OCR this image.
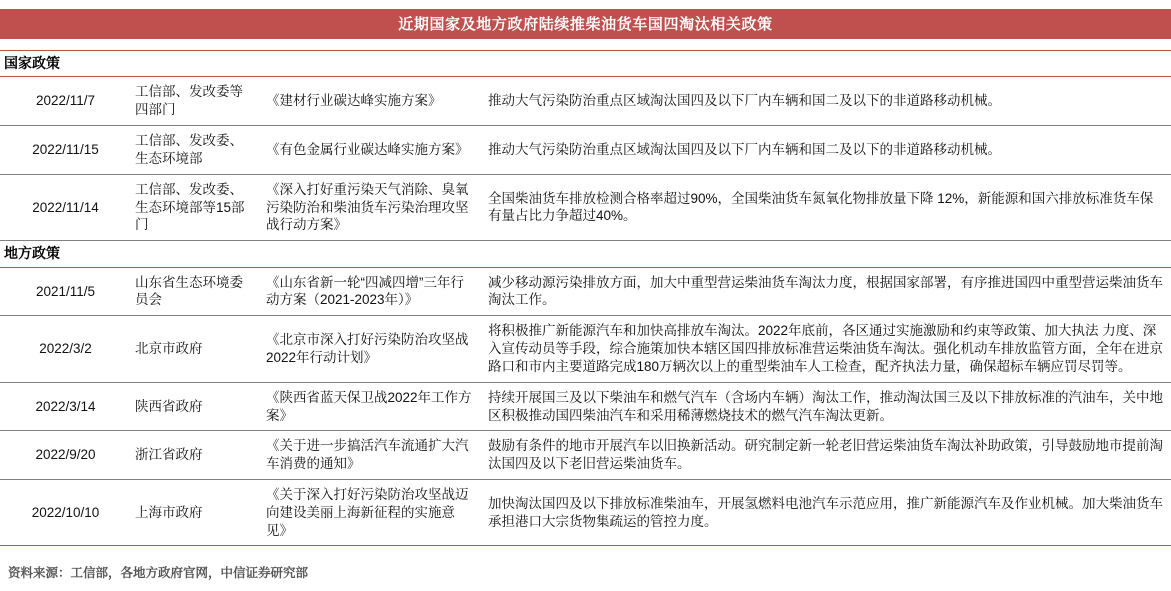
近期国家及地方政府陆续推柴油货车国四淘汰相关政策
国家政策			
2022/11/7	工信部、发改委等四部门	《建材行业碳达峰实施方案》	推动大气污染防治重点区域淘汰国四及以下厂内车辆和国二及以下的非道路移动机械。
2022/11/15	工信部、发改委、生态环境部	《有色金属行业碳达峰实施方案》	推动大气污染防治重点区域淘汰国四及以下厂内车辆和国二及以下的非道路移动机械。
2022/11/14	工信部、发改委、生态环境部等15部门	《深入打好重污染天气消除、臭氧污染防治和柴油货车污染治理攻坚战行动方案》	全国柴油货车排放检测合格率超过90%，全国柴油货车氮氧化物排放量下降 12%，新能源和国六排放标准货车保有量占比力争超过40%。
地方政策			
2021/11/5	山东省生态环境委员会	《山东省新一轮“四减四增”三年行动方案（2021-2023年）》	减少移动源污染排放方面，加大中重型营运柴油货车淘汰力度，根据国家部署，有序推进国四中重型营运柴油货车淘汰工作。
2022/3/2	北京市政府	《北京市深入打好污染防治攻坚战2022年行动计划》	将积极推广新能源汽车和加快高排放车淘汰。2022年底前，各区通过实施激励和约束等政策、加大执法 力度、深入宣传动员等手段，综合施策加快本辖区国四排放标准营运柴油货车淘汰。强化机动车排放监管方面，全年在进京路口和市内主要道路完成180万辆次以上的重型柴油车人工检查，配齐执法力量，确保超标车辆应罚尽罚等。
2022/3/14	陕西省政府	《陕西省蓝天保卫战2022年工作方案》	持续开展国三及以下柴油车和燃气汽车（含场内车辆）淘汰工作，推动淘汰国三及以下排放标准的汽油车，关中地区积极推动国四柴油汽车和采用稀薄燃烧技术的燃气汽车淘汰更新。
2022/9/20	浙江省政府	《关于进一步搞活汽车流通扩大汽车消费的通知》	鼓励有条件的地市开展汽车以旧换新活动。研究制定新一轮老旧营运柴油货车淘汰补助政策，引导鼓励地市提前淘汰国四及以下老旧营运柴油货车。
2022/10/10	上海市政府	《关于深入打好污染防治攻坚战迈向建设美丽上海新征程的实施意见》	加快淘汰国四及以下排放标准柴油车，开展氢燃料电池汽车示范应用，推广新能源汽车及作业机械。加大柴油货车承担港口大宗货物集疏运的管控力度。
资料来源：工信部，各地方政府官网，中信证券研究部
